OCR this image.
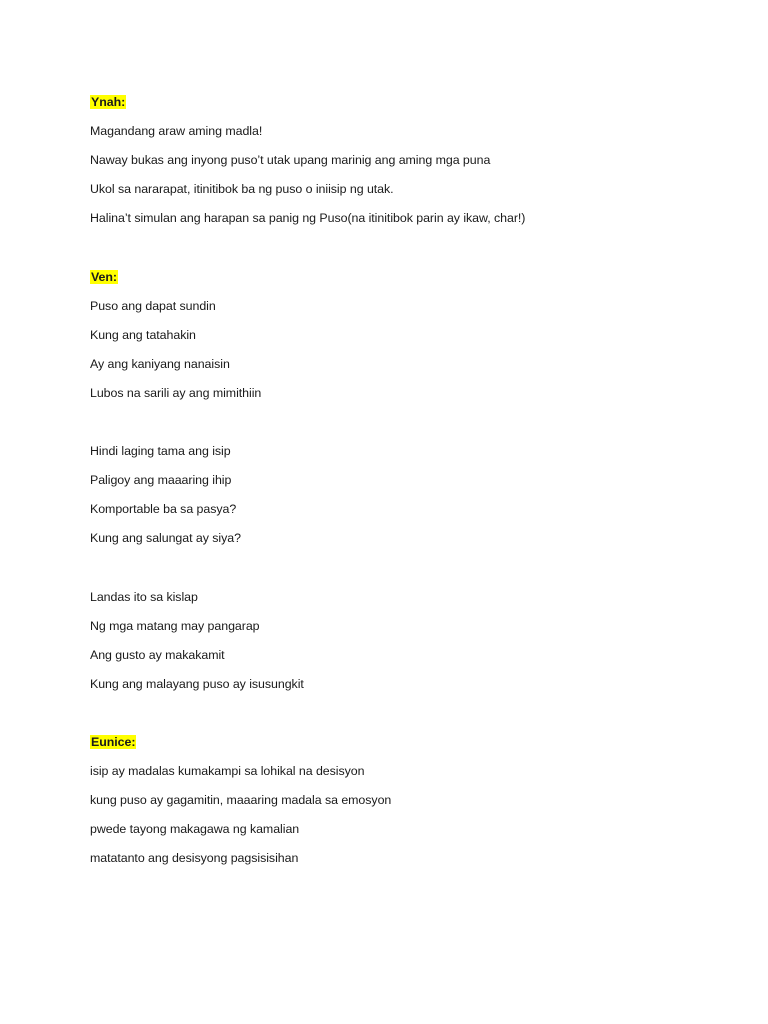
Ynah:
Magandang araw aming madla!
Naway bukas ang inyong puso’t utak upang marinig ang aming mga puna
Ukol sa nararapat, itinitibok ba ng puso o iniisip ng utak.
Halina’t simulan ang harapan sa panig ng Puso(na itinitibok parin ay ikaw, char!)
Ven:
Puso ang dapat sundin
Kung ang tatahakin
Ay ang kaniyang nanaisin
Lubos na sarili ay ang mimithiin
Hindi laging tama ang isip
Paligoy ang maaaring ihip
Komportable ba sa pasya?
Kung ang salungat ay siya?
Landas ito sa kislap
Ng mga matang may pangarap
Ang gusto ay makakamit
Kung ang malayang puso ay isusungkit
Eunice:
isip ay madalas kumakampi sa lohikal na desisyon
kung puso ay gagamitin, maaaring madala sa emosyon
pwede tayong makagawa ng kamalian
matatanto ang desisyong pagsisisihan
